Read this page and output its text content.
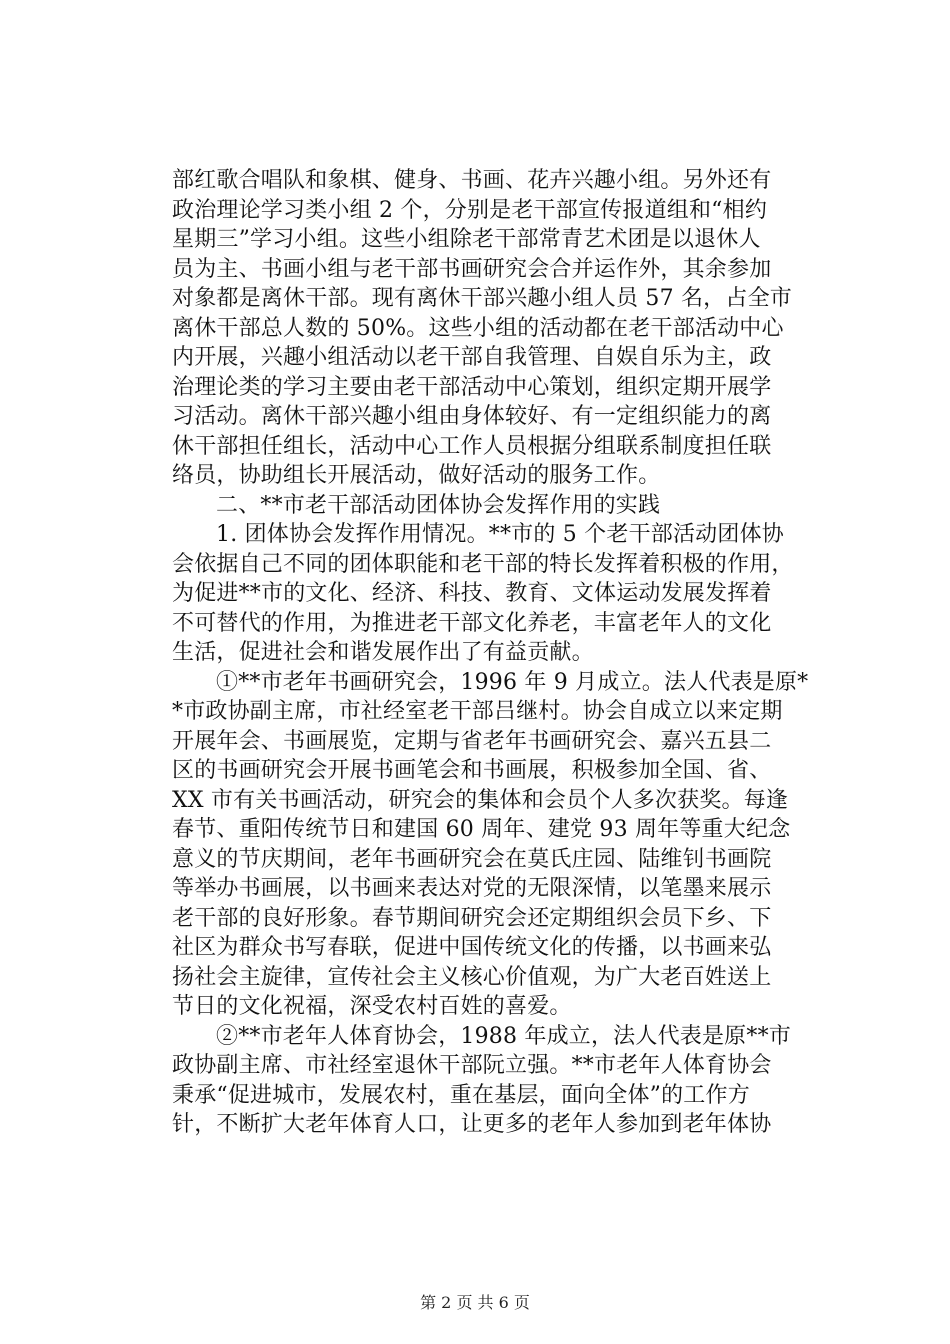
部红歌合唱队和象棋、健身、书画、花卉兴趣小组。另外还有
政治理论学习类小组 2 个，分别是老干部宣传报道组和“相约
星期三”学习小组。这些小组除老干部常青艺术团是以退休人
员为主、书画小组与老干部书画研究会合并运作外，其余参加
对象都是离休干部。现有离休干部兴趣小组人员 57 名，占全市
离休干部总人数的 50%。这些小组的活动都在老干部活动中心
内开展，兴趣小组活动以老干部自我管理、自娱自乐为主，政
治理论类的学习主要由老干部活动中心策划，组织定期开展学
习活动。离休干部兴趣小组由身体较好、有一定组织能力的离
休干部担任组长，活动中心工作人员根据分组联系制度担任联
络员，协助组长开展活动，做好活动的服务工作。
二、**市老干部活动团体协会发挥作用的实践
1. 团体协会发挥作用情况。**市的 5 个老干部活动团体协
会依据自己不同的团体职能和老干部的特长发挥着积极的作用，
为促进**市的文化、经济、科技、教育、文体运动发展发挥着
不可替代的作用，为推进老干部文化养老，丰富老年人的文化
生活，促进社会和谐发展作出了有益贡献。
①**市老年书画研究会，1996 年 9 月成立。法人代表是原*
*市政协副主席，市社经室老干部吕继村。协会自成立以来定期
开展年会、书画展览，定期与省老年书画研究会、嘉兴五县二
区的书画研究会开展书画笔会和书画展，积极参加全国、省、
XX 市有关书画活动，研究会的集体和会员个人多次获奖。每逢
春节、重阳传统节日和建国 60 周年、建党 93 周年等重大纪念
意义的节庆期间，老年书画研究会在莫氏庄园、陆维钊书画院
等举办书画展，以书画来表达对党的无限深情，以笔墨来展示
老干部的良好形象。春节期间研究会还定期组织会员下乡、下
社区为群众书写春联，促进中国传统文化的传播，以书画来弘
扬社会主旋律，宣传社会主义核心价值观，为广大老百姓送上
节日的文化祝福，深受农村百姓的喜爱。
②**市老年人体育协会，1988 年成立，法人代表是原**市
政协副主席、市社经室退休干部阮立强。**市老年人体育协会
秉承“促进城市，发展农村，重在基层，面向全体”的工作方
针，不断扩大老年体育人口，让更多的老年人参加到老年体协
第 2 页 共 6 页
